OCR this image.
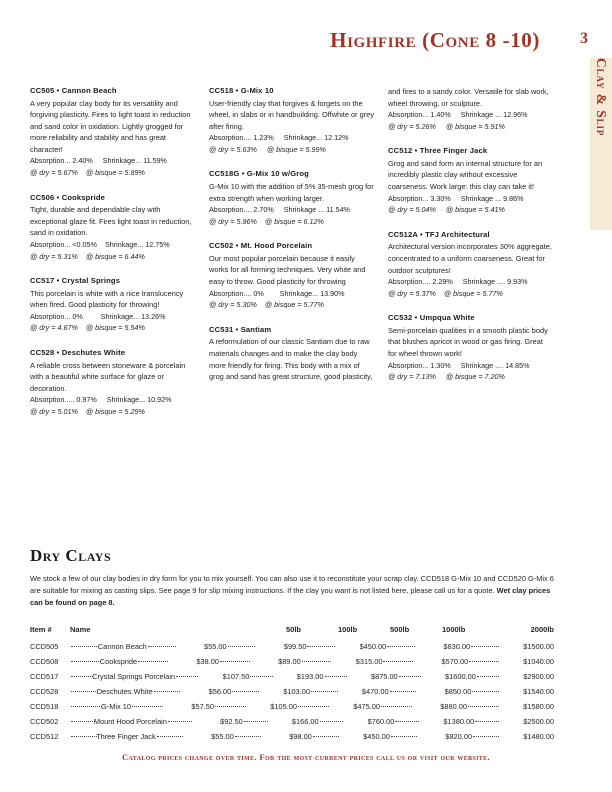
Highfire (Cone 8 -10)	3
Clay & Slip
CC505 • Cannon Beach
A very popular clay body for its versatility and forgiving plasticity. Fires to light toast in reduction and sand color in oxidation. Lightly grogged for more reliability and stability and has great character!
Absorption... 2.40% Shrinkage... 11.59%
@ dry = 5.67% @ bisque = 5.89%
CC506 • Cookspride
Tight, durable and dependable clay with exceptional glaze fit. Fires light toast in reduction, sand in oxidation.
Absorption... <0.05% Shrinkage... 12.75%
@ dry = 5.31% @ bisque = 6.44%
CC517 • Crystal Springs
This porcelain is white with a nice translucency when fired. Good plasticity for throwing!
Absorption... 0% Shrinkage... 13.26%
@ dry = 4.67% @ bisque = 5.54%
CC528 • Deschutes White
A reliable cross between stoneware & porcelain with a beautiful white surface for glaze or decoration.
Absorption..... 0.97% Shrinkage... 10.92%
@ dry = 5.01% @ bisque = 5.29%
CC518 • G-Mix 10
User-friendly clay that forgives & forgets on the wheel, in slabs or in handbuilding. Offwhite or grey after firing.
Absorption.... 1.23% Shrinkage... 12.12%
@ dry = 5.63% @ bisque = 5.99%
CC518G • G-Mix 10 w/Grog
G-Mix 10 with the addition of 5% 35-mesh grog for extra strength when working larger.
Absorption.... 2.70% Shrinkage ... 11.54%
@ dry = 5.96% @ bisque = 6.12%
CC502 • Mt. Hood Porcelain
Our most popular porcelain because it easily works for all forming techniques. Very white and easy to throw. Good plasticity for throwing
Absorption.... 0% Shrinkage... 13.90%
@ dry = 5.30% @ bisque = 5.77%
CC531 • Santiam
A reformulation of our classic Santiam due to raw materials changes and to make the clay body more friendly for firing. This body with a mix of grog and sand has great structure, good plasticity,
and fires to a sandy color. Versatile for slab work, wheel throwing, or sculpture.
Absorption... 1.40% Shrinkage ... 12.96%
@ dry = 5.26% @ bisque = 5.91%
CC512 • Three Finger Jack
Grog and sand form an internal structure for an incredibly plastic clay without excessive coarseness. Work large: this clay can take it!
Absorption... 3.30% Shrinkage ... 9.86%
@ dry = 5.04% @ bisque = 5.41%
CC512A • TFJ Architectural
Architectural version incorporates 30% aggregate, concentrated to a uniform coarseness. Great for outdoor sculptures!
Absorption.... 2.29% Shrinkage .... 9.93%
@ dry = 5.37% @ bisque = 5.77%
CC532 • Umpqua White
Semi-porcelain qualities in a smooth plastic body that blushes apricot in wood or gas firing. Great for wheel thrown work!
Absorption... 1.30% Shrinkage .... 14.85%
@ dry = 7.13% @ bisque = 7.20%
Dry Clays
We stock a few of our clay bodies in dry form for you to mix yourself. You can also use it to reconstitute your scrap clay. CCD518 G-Mix 10 and CCD520 G-Mix 6 are suitable for mixing as casting slips. See page 9 for slip mixing instructions. If the clay you want is not listed here, please call us for a quote. Wet clay prices can be found on page 8.
Item #	Name	50lb	100lb	500lb	1000lb	2000lb
CCD505	Cannon Beach	$55.00	$99.50	$450.00	$830.00	$1500.00
CCD508	Cookspride	$38.00	$89.00	$315.00	$570.00	$1040.00
CCD517	Crystal Springs Porcelain	$107.50	$193.00	$875.00	$1600.00	$2900.00
CCD528	Deschutes White	$56.00	$103.00	$470.00	$850.00	$1540.00
CCD518	G-Mix 10	$57.50	$105.00	$475.00	$880.00	$1580.00
CCD502	Mount Hood Porcelain	$92.50	$166.00	$760.00	$1380.00	$2500.00
CCD512	Three Finger Jack	$55.00	$98.00	$450.00	$820.00	$1480.00
Catalog prices change over time. For the most current prices call us or visit our website.
